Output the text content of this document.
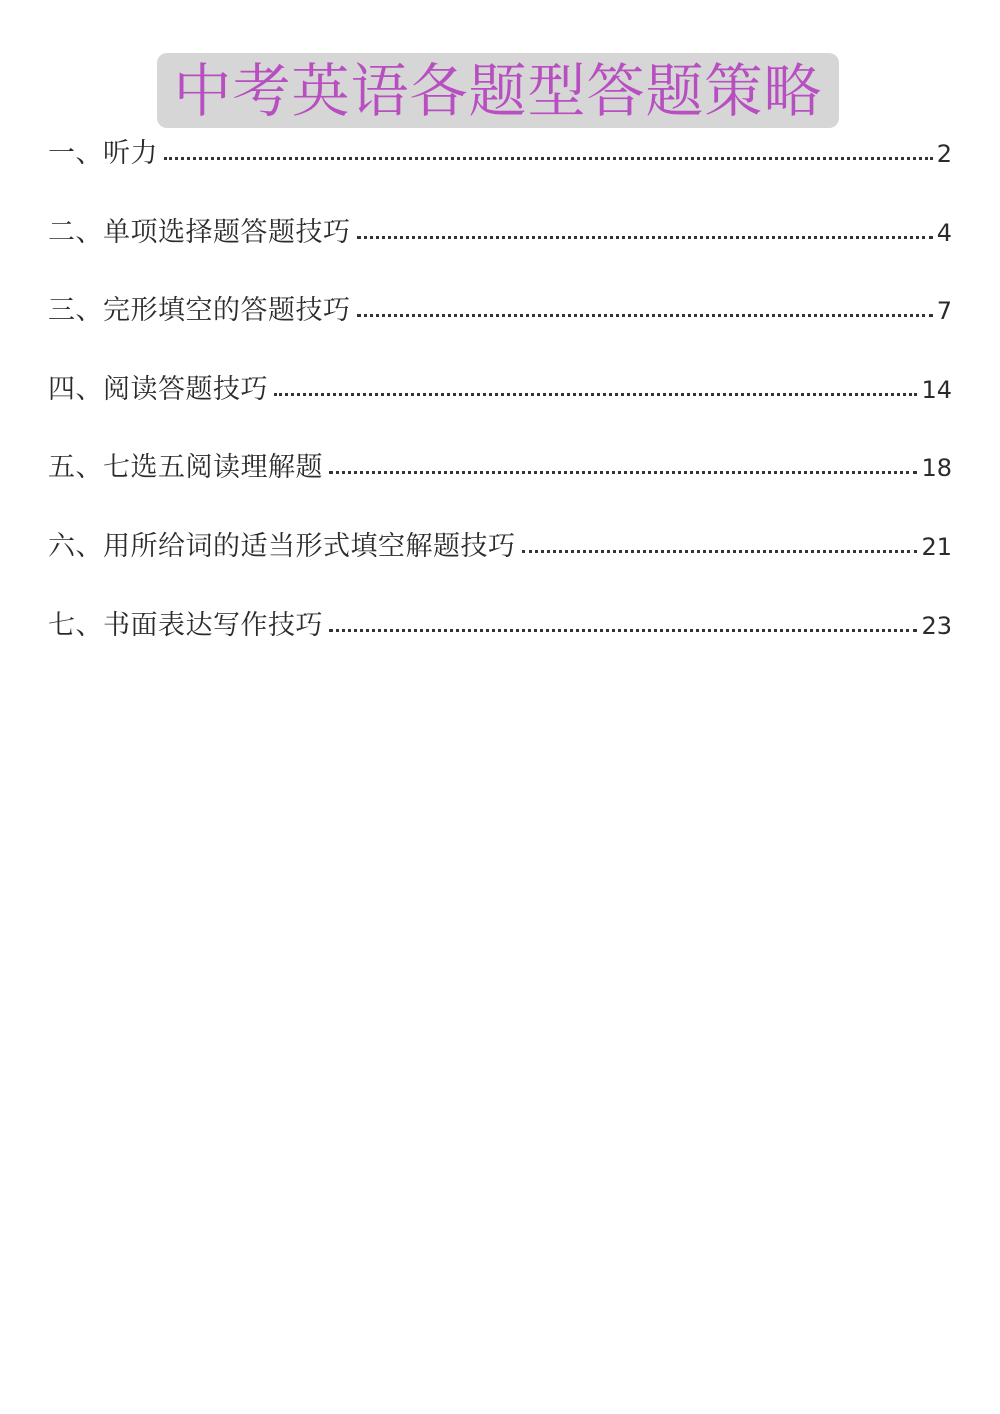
中考英语各题型答题策略
一、听力	2
二、单项选择题答题技巧	4
三、完形填空的答题技巧	7
四、阅读答题技巧	14
五、七选五阅读理解题	18
六、用所给词的适当形式填空解题技巧	21
七、书面表达写作技巧	23
